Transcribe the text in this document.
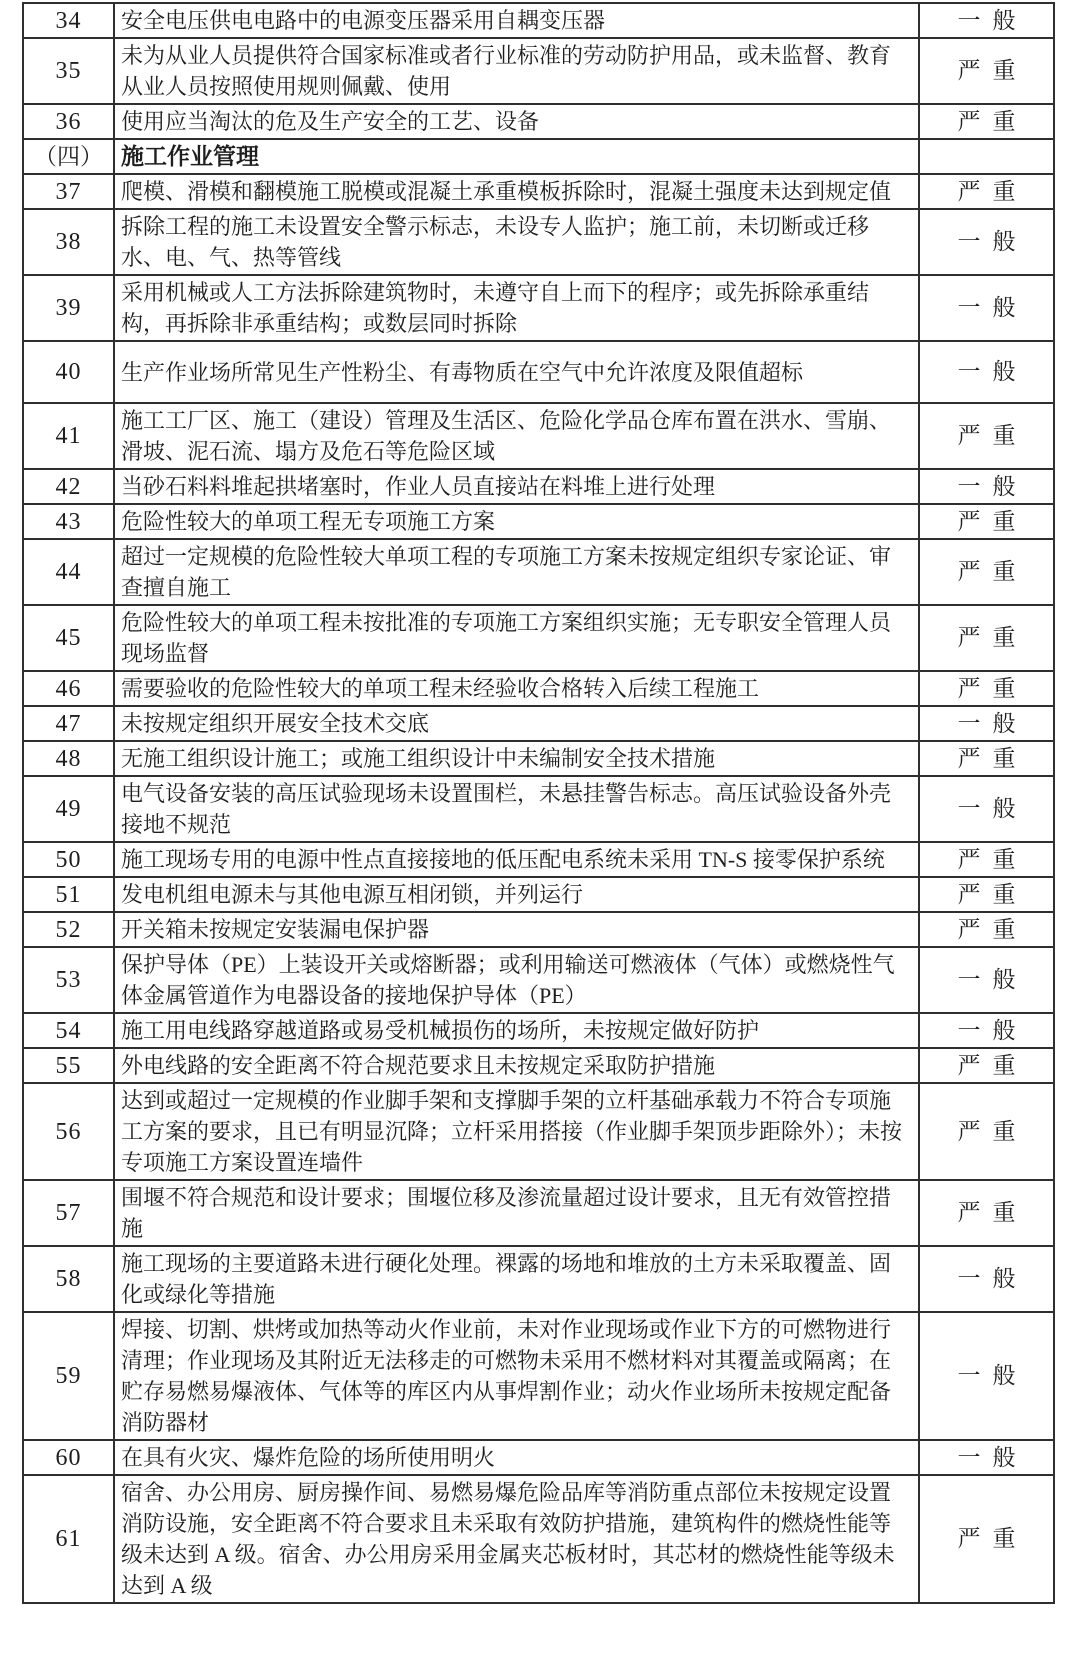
34	安全电压供电电路中的电源变压器采用自耦变压器	一般
35	未为从业人员提供符合国家标准或者行业标准的劳动防护用品，或未监督、教育从业人员按照使用规则佩戴、使用	严重
36	使用应当淘汰的危及生产安全的工艺、设备	严重
（四）	施工作业管理	
37	爬模、滑模和翻模施工脱模或混凝土承重模板拆除时，混凝土强度未达到规定值	严重
38	拆除工程的施工未设置安全警示标志，未设专人监护；施工前，未切断或迁移水、电、气、热等管线	一般
39	采用机械或人工方法拆除建筑物时，未遵守自上而下的程序；或先拆除承重结构，再拆除非承重结构；或数层同时拆除	一般
40	生产作业场所常见生产性粉尘、有毒物质在空气中允许浓度及限值超标	一般
41	施工工厂区、施工（建设）管理及生活区、危险化学品仓库布置在洪水、雪崩、滑坡、泥石流、塌方及危石等危险区域	严重
42	当砂石料料堆起拱堵塞时，作业人员直接站在料堆上进行处理	一般
43	危险性较大的单项工程无专项施工方案	严重
44	超过一定规模的危险性较大单项工程的专项施工方案未按规定组织专家论证、审查擅自施工	严重
45	危险性较大的单项工程未按批准的专项施工方案组织实施；无专职安全管理人员现场监督	严重
46	需要验收的危险性较大的单项工程未经验收合格转入后续工程施工	严重
47	未按规定组织开展安全技术交底	一般
48	无施工组织设计施工；或施工组织设计中未编制安全技术措施	严重
49	电气设备安装的高压试验现场未设置围栏，未悬挂警告标志。高压试验设备外壳接地不规范	一般
50	施工现场专用的电源中性点直接接地的低压配电系统未采用 TN-S 接零保护系统	严重
51	发电机组电源未与其他电源互相闭锁，并列运行	严重
52	开关箱未按规定安装漏电保护器	严重
53	保护导体（PE）上装设开关或熔断器；或利用输送可燃液体（气体）或燃烧性气体金属管道作为电器设备的接地保护导体（PE）	一般
54	施工用电线路穿越道路或易受机械损伤的场所，未按规定做好防护	一般
55	外电线路的安全距离不符合规范要求且未按规定采取防护措施	严重
56	达到或超过一定规模的作业脚手架和支撑脚手架的立杆基础承载力不符合专项施工方案的要求，且已有明显沉降；立杆采用搭接（作业脚手架顶步距除外）；未按专项施工方案设置连墙件	严重
57	围堰不符合规范和设计要求；围堰位移及渗流量超过设计要求，且无有效管控措施	严重
58	施工现场的主要道路未进行硬化处理。裸露的场地和堆放的土方未采取覆盖、固化或绿化等措施	一般
59	焊接、切割、烘烤或加热等动火作业前，未对作业现场或作业下方的可燃物进行清理；作业现场及其附近无法移走的可燃物未采用不燃材料对其覆盖或隔离；在贮存易燃易爆液体、气体等的库区内从事焊割作业；动火作业场所未按规定配备消防器材	一般
60	在具有火灾、爆炸危险的场所使用明火	一般
61	宿舍、办公用房、厨房操作间、易燃易爆危险品库等消防重点部位未按规定设置消防设施，安全距离不符合要求且未采取有效防护措施，建筑构件的燃烧性能等级未达到 A 级。宿舍、办公用房采用金属夹芯板材时，其芯材的燃烧性能等级未达到 A 级	严重
